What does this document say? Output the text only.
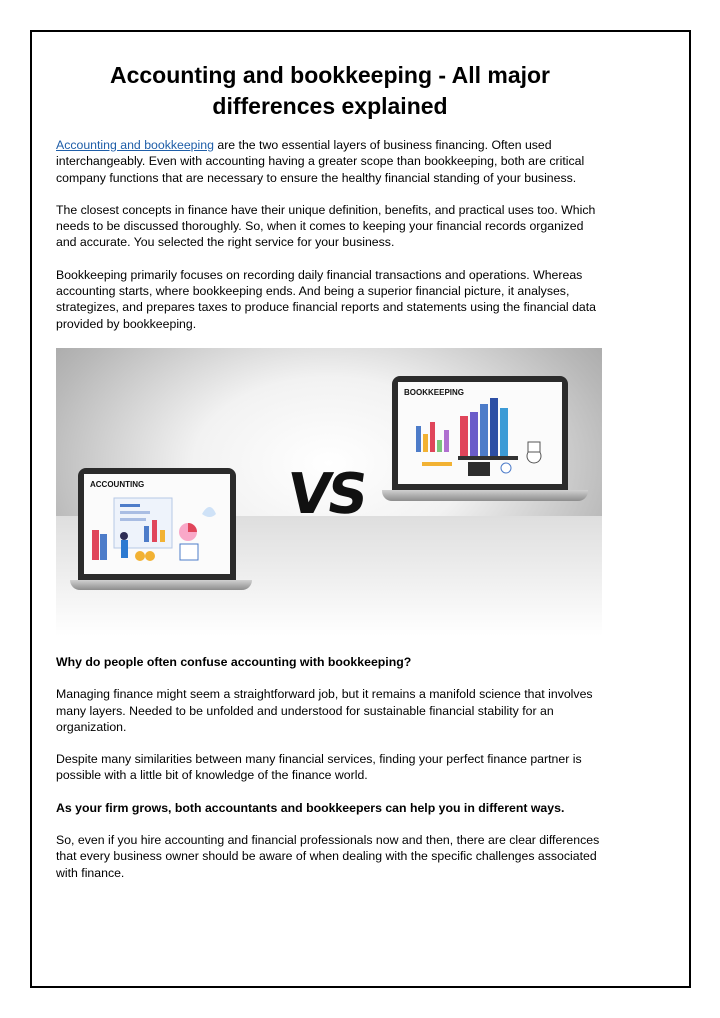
Accounting and bookkeeping - All major differences explained

Accounting and bookkeeping are the two essential layers of business financing. Often used interchangeably. Even with accounting having a greater scope than bookkeeping, both are critical company functions that are necessary to ensure the healthy financial standing of your business.

The closest concepts in finance have their unique definition, benefits, and practical uses too. Which needs to be discussed thoroughly. So, when it comes to keeping your financial records organized and accurate. You selected the right service for your business.

Bookkeeping primarily focuses on recording daily financial transactions and operations. Whereas accounting starts, where bookkeeping ends. And being a superior financial picture, it analyses, strategizes, and prepares taxes to produce financial reports and statements using the financial data provided by bookkeeping.

ACCOUNTING VS
BOOKKEEPING

Why do people often confuse accounting with bookkeeping?

Managing finance might seem a straightforward job, but it remains a manifold science that involves many layers. Needed to be unfolded and understood for sustainable financial stability for an organization.

Despite many similarities between many financial services, finding your perfect finance partner is possible with a little bit of knowledge of the finance world.

As your firm grows, both accountants and bookkeepers can help you in different ways.

So, even if you hire accounting and financial professionals now and then, there are clear differences that every business owner should be aware of when dealing with the specific challenges associated with finance.
